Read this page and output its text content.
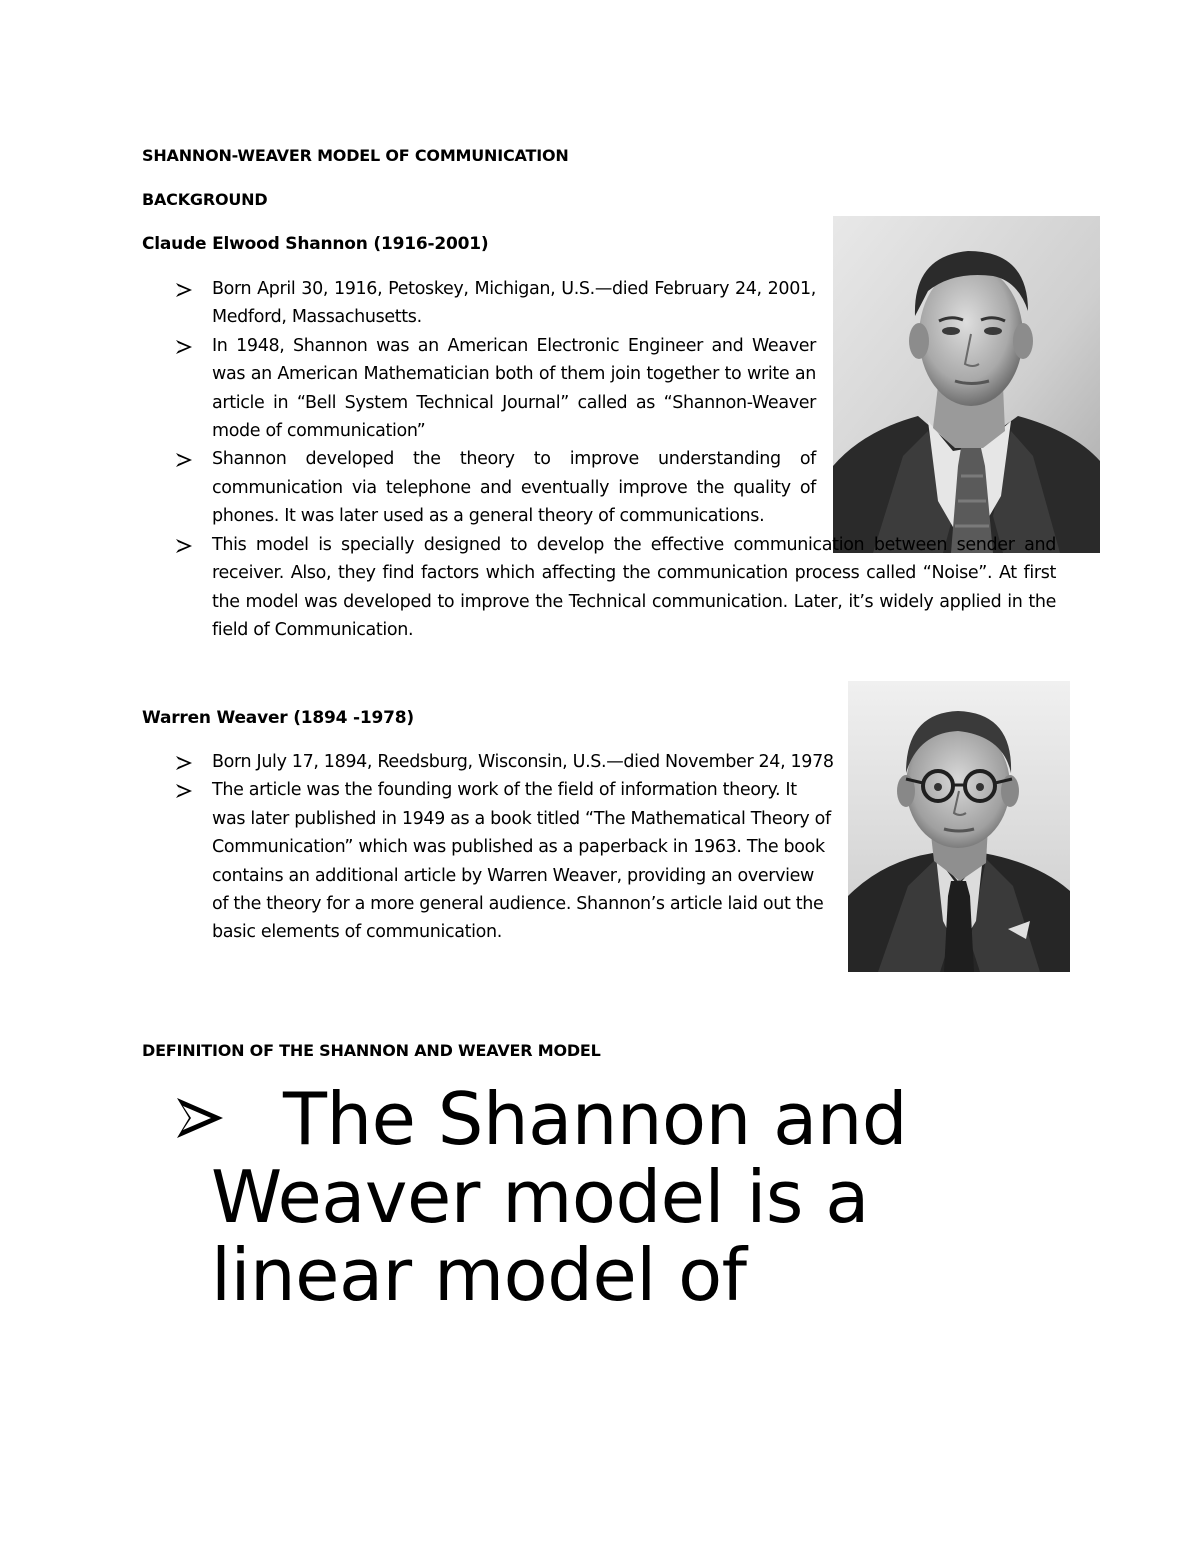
SHANNON-WEAVER MODEL OF COMMUNICATION
BACKGROUND
Claude Elwood Shannon (1916-2001)
Born April 30, 1916, Petoskey, Michigan, U.S.—died February 24, 2001, Medford, Massachusetts.
In 1948, Shannon was an American Electronic Engineer and Weaver was an American Mathematician both of them join together to write an article in “Bell System Technical Journal” called as “Shannon-Weaver mode of communication”
Shannon developed the theory to improve understanding of communication via telephone and eventually improve the quality of phones. It was later used as a general theory of communications.
This model is specially designed to develop the effective communication between sender and receiver. Also, they find factors which affecting the communication process called “Noise”. At first the model was developed to improve the Technical communication. Later, it’s widely applied in the field of Communication.
Warren Weaver (1894 -1978)
Born July 17, 1894, Reedsburg, Wisconsin, U.S.—died November 24, 1978
The article was the founding work of the field of information theory. It was later published in 1949 as a book titled “The Mathematical Theory of Communication” which was published as a paperback in 1963. The book contains an additional article by Warren Weaver, providing an overview of the theory for a more general audience. Shannon’s article laid out the basic elements of communication.
DEFINITION OF THE SHANNON AND WEAVER MODEL
The Shannon and Weaver model is a linear model of
